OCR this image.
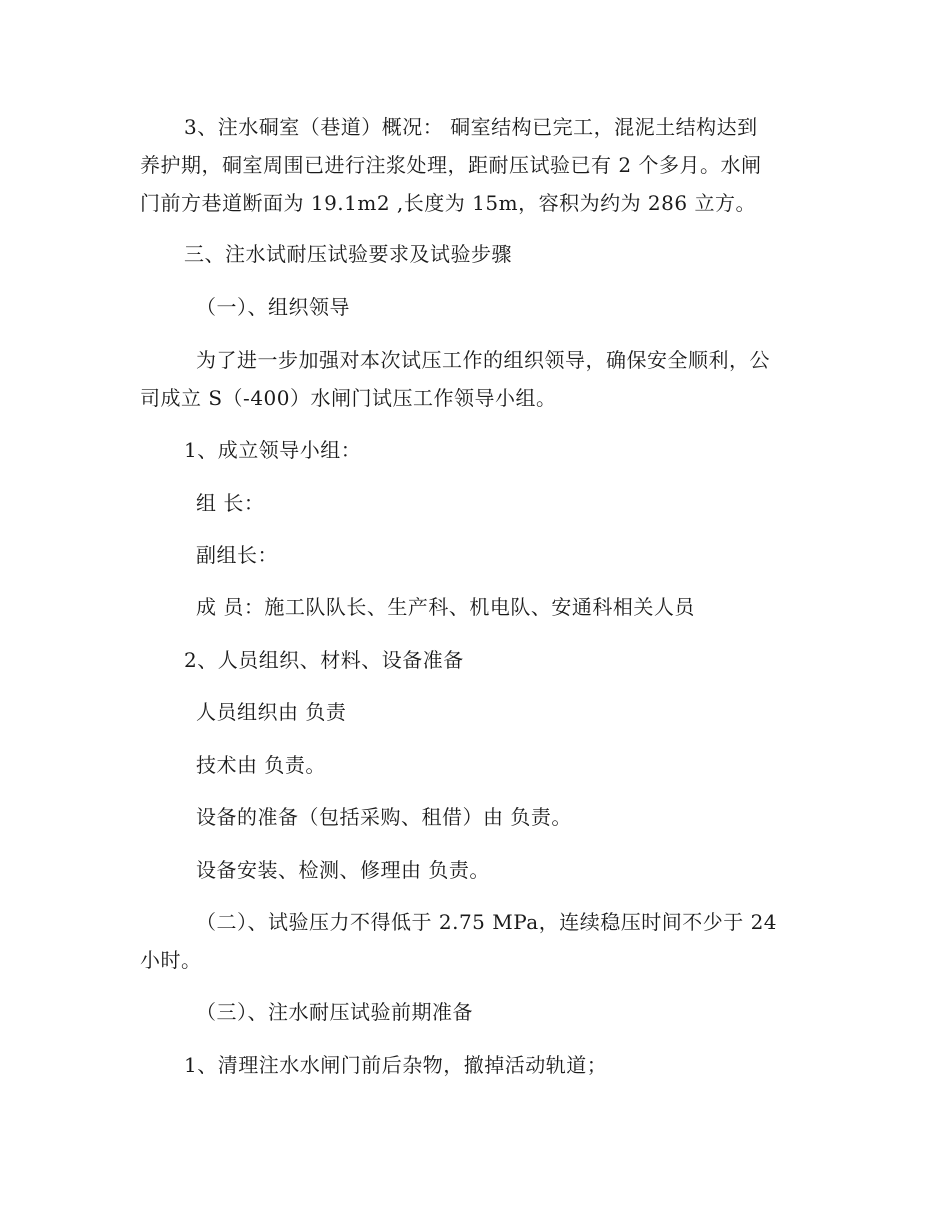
3、注水硐室（巷道）概况： 硐室结构已完工，混泥土结构达到
养护期，硐室周围已进行注浆处理，距耐压试验已有 2 个多月。水闸
门前方巷道断面为 19.1m2 ,长度为 15m，容积为约为 286 立方。
三、注水试耐压试验要求及试验步骤
（一）、组织领导
为了进一步加强对本次试压工作的组织领导，确保安全顺利，公
司成立 S（-400）水闸门试压工作领导小组。
1、成立领导小组：
组 长：
副组长：
成 员：施工队队长、生产科、机电队、安通科相关人员
2、人员组织、材料、设备准备
人员组织由 负责
技术由 负责。
设备的准备（包括采购、租借）由 负责。
设备安装、检测、修理由 负责。
（二）、试验压力不得低于 2.75 MPa，连续稳压时间不少于 24
小时。
（三）、注水耐压试验前期准备
1、清理注水水闸门前后杂物，撤掉活动轨道；
